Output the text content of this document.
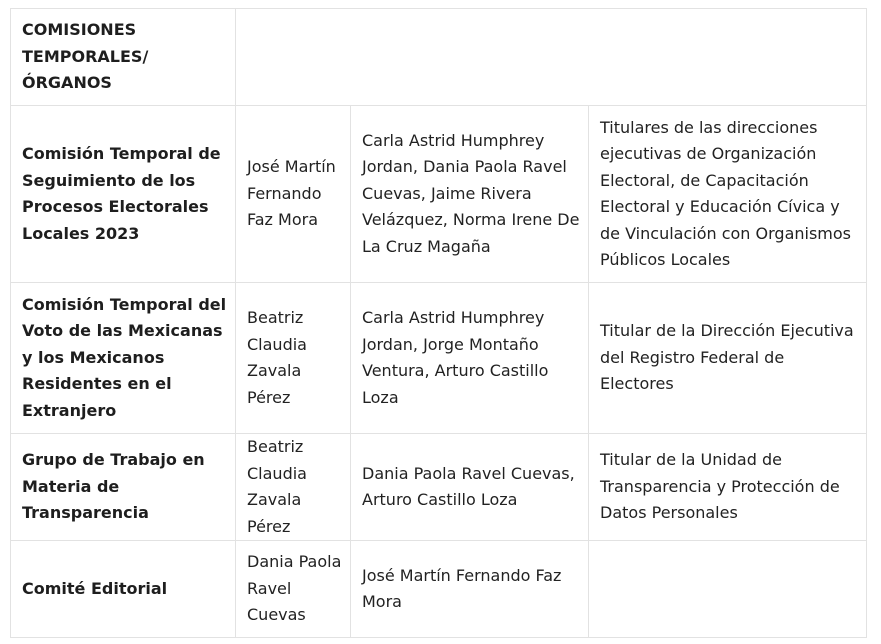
COMISIONES TEMPORALES/ ÓRGANOS			
Comisión Temporal de Seguimiento de los Procesos Electorales Locales 2023	José Martín Fernando Faz Mora	Carla Astrid Humphrey Jordan, Dania Paola Ravel Cuevas, Jaime Rivera Velázquez, Norma Irene De La Cruz Magaña	Titulares de las direcciones ejecutivas de Organización Electoral, de Capacitación Electoral y Educación Cívica y de Vinculación con Organismos Públicos Locales
Comisión Temporal del Voto de las Mexicanas y los Mexicanos Residentes en el Extranjero	Beatriz Claudia Zavala Pérez	Carla Astrid Humphrey Jordan, Jorge Montaño Ventura, Arturo Castillo Loza	Titular de la Dirección Ejecutiva del Registro Federal de Electores
Grupo de Trabajo en Materia de Transparencia	Beatriz Claudia Zavala Pérez	Dania Paola Ravel Cuevas, Arturo Castillo Loza	Titular de la Unidad de Transparencia y Protección de Datos Personales
Comité Editorial	Dania Paola Ravel Cuevas	José Martín Fernando Faz Mora	
